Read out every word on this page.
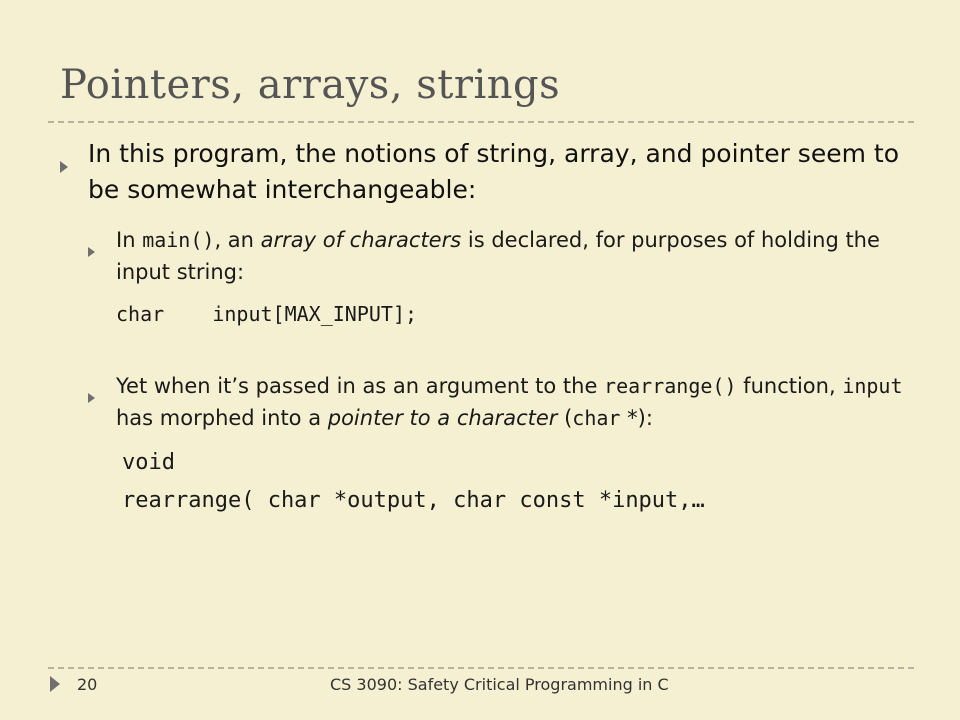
Pointers, arrays, strings
In this program, the notions of string, array, and pointer seem to be somewhat interchangeable:
In main(), an array of characters is declared, for purposes of holding the input string:
char    input[MAX_INPUT];
Yet when it’s passed in as an argument to the rearrange() function, input has morphed into a pointer to a character (char *):
void
rearrange( char *output, char const *input,…
20	CS 3090: Safety Critical Programming in C
